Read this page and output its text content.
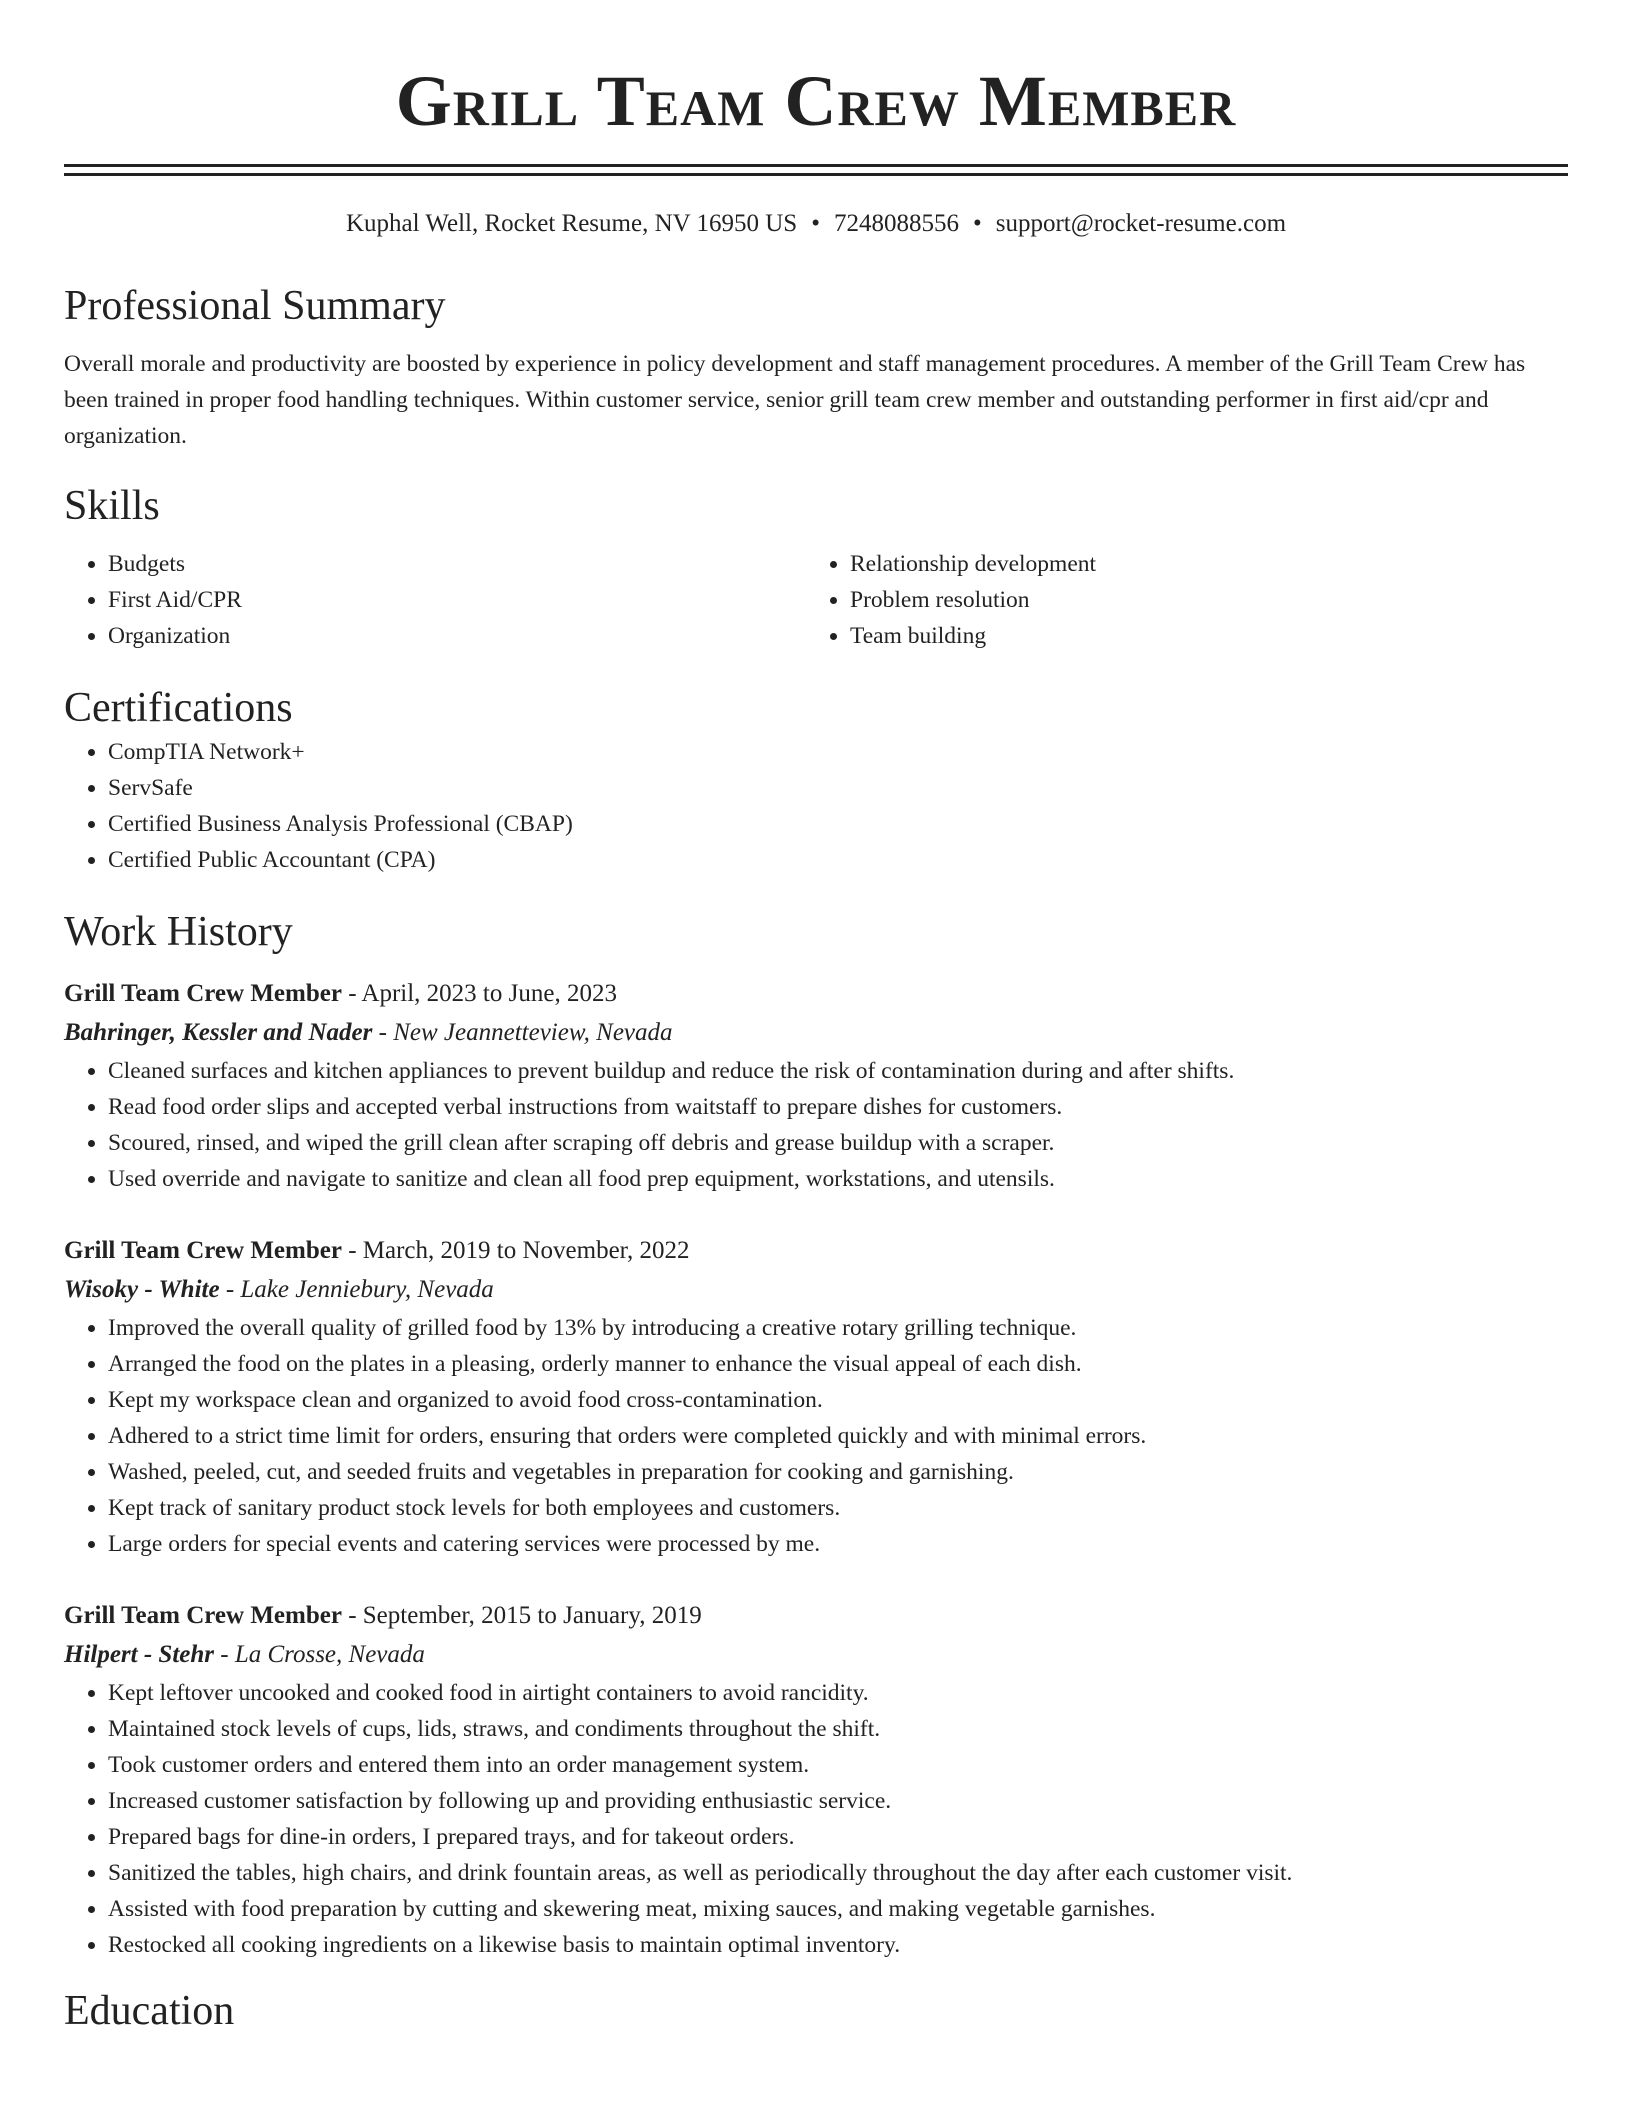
Grill Team Crew Member
Kuphal Well, Rocket Resume, NV 16950 US • 7248088556 • support@rocket-resume.com
Professional Summary

Overall morale and productivity are boosted by experience in policy development and staff management procedures. A member of the Grill Team Crew has been trained in proper food handling techniques. Within customer service, senior grill team crew member and outstanding performer in first aid/cpr and organization.

Skills
• Budgets
• First Aid/CPR
• Organization
• Relationship development
• Problem resolution
• Team building
Certifications
• CompTIA Network+
• ServSafe
• Certified Business Analysis Professional (CBAP)
• Certified Public Accountant (CPA)
Work History
Grill Team Crew Member - April, 2023 to June, 2023
Bahringer, Kessler and Nader - New Jeannetteview, Nevada
• Cleaned surfaces and kitchen appliances to prevent buildup and reduce the risk of contamination during and after shifts.
• Read food order slips and accepted verbal instructions from waitstaff to prepare dishes for customers.
• Scoured, rinsed, and wiped the grill clean after scraping off debris and grease buildup with a scraper.
• Used override and navigate to sanitize and clean all food prep equipment, workstations, and utensils.
Grill Team Crew Member - March, 2019 to November, 2022
Wisoky - White - Lake Jenniebury, Nevada
• Improved the overall quality of grilled food by 13% by introducing a creative rotary grilling technique.
• Arranged the food on the plates in a pleasing, orderly manner to enhance the visual appeal of each dish.
• Kept my workspace clean and organized to avoid food cross-contamination.
• Adhered to a strict time limit for orders, ensuring that orders were completed quickly and with minimal errors.
• Washed, peeled, cut, and seeded fruits and vegetables in preparation for cooking and garnishing.
• Kept track of sanitary product stock levels for both employees and customers.
• Large orders for special events and catering services were processed by me.
Grill Team Crew Member - September, 2015 to January, 2019
Hilpert - Stehr - La Crosse, Nevada
• Kept leftover uncooked and cooked food in airtight containers to avoid rancidity.
• Maintained stock levels of cups, lids, straws, and condiments throughout the shift.
• Took customer orders and entered them into an order management system.
• Increased customer satisfaction by following up and providing enthusiastic service.
• Prepared bags for dine-in orders, I prepared trays, and for takeout orders.
• Sanitized the tables, high chairs, and drink fountain areas, as well as periodically throughout the day after each customer visit.
• Assisted with food preparation by cutting and skewering meat, mixing sauces, and making vegetable garnishes.
• Restocked all cooking ingredients on a likewise basis to maintain optimal inventory.
Education
